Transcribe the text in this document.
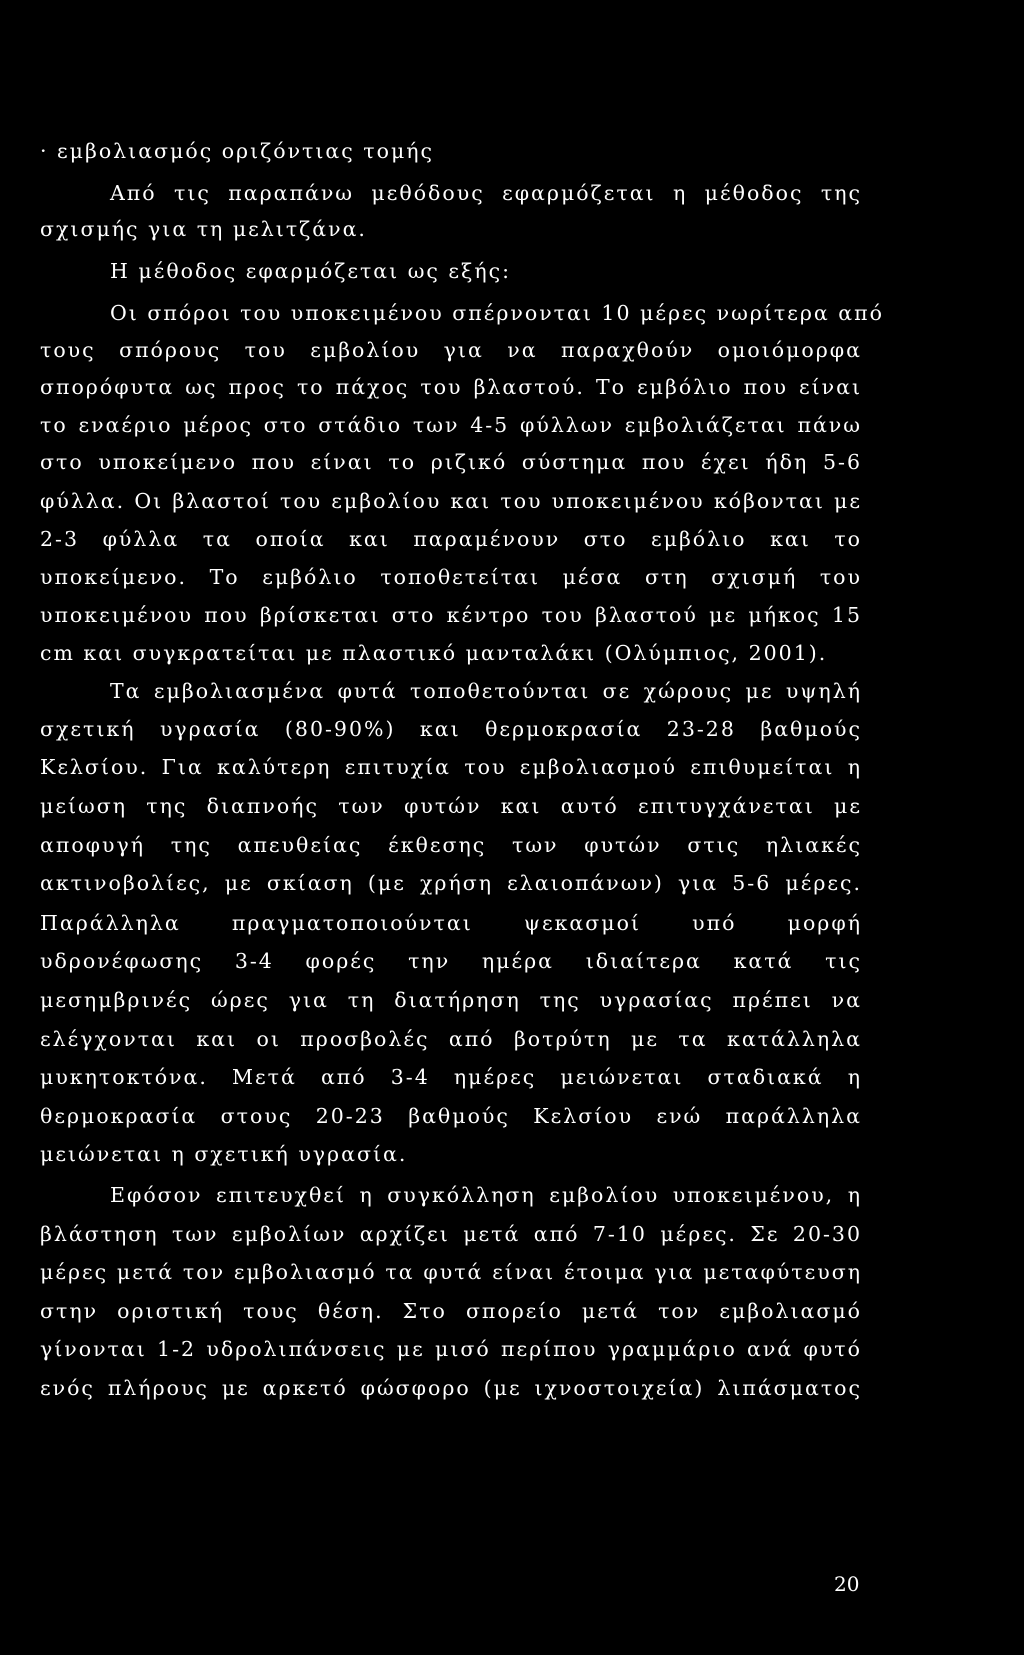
· εμβολιασμός οριζόντιας τομής
Από τις παραπάνω μεθόδους εφαρμόζεται η μέθοδος της
σχισμής για τη μελιτζάνα.
Η μέθοδος εφαρμόζεται ως εξής:
Οι σπόροι του υποκειμένου σπέρνονται 10 μέρες νωρίτερα από
τους σπόρους του εμβολίου για να παραχθούν ομοιόμορφα
σπορόφυτα ως προς το πάχος του βλαστού. Το εμβόλιο που είναι
το εναέριο μέρος στο στάδιο των 4-5 φύλλων εμβολιάζεται πάνω
στο υποκείμενο που είναι το ριζικό σύστημα που έχει ήδη 5-6
φύλλα. Οι βλαστοί του εμβολίου και του υποκειμένου κόβονται με
2-3 φύλλα τα οποία και παραμένουν στο εμβόλιο και το
υποκείμενο. Το εμβόλιο τοποθετείται μέσα στη σχισμή του
υποκειμένου που βρίσκεται στο κέντρο του βλαστού με μήκος 15
cm και συγκρατείται με πλαστικό μανταλάκι (Ολύμπιος, 2001).
Τα εμβολιασμένα φυτά τοποθετούνται σε χώρους με υψηλή
σχετική υγρασία (80-90%) και θερμοκρασία 23-28 βαθμούς
Κελσίου. Για καλύτερη επιτυχία του εμβολιασμού επιθυμείται η
μείωση της διαπνοής των φυτών και αυτό επιτυγχάνεται με
αποφυγή της απευθείας έκθεσης των φυτών στις ηλιακές
ακτινοβολίες, με σκίαση (με χρήση ελαιοπάνων) για 5-6 μέρες.
Παράλληλα πραγματοποιούνται ψεκασμοί υπό μορφή
υδρονέφωσης 3-4 φορές την ημέρα ιδιαίτερα κατά τις
μεσημβρινές ώρες για τη διατήρηση της υγρασίας πρέπει να
ελέγχονται και οι προσβολές από βοτρύτη με τα κατάλληλα
μυκητοκτόνα. Μετά από 3-4 ημέρες μειώνεται σταδιακά η
θερμοκρασία στους 20-23 βαθμούς Κελσίου ενώ παράλληλα
μειώνεται η σχετική υγρασία.
Εφόσον επιτευχθεί η συγκόλληση εμβολίου υποκειμένου, η
βλάστηση των εμβολίων αρχίζει μετά από 7-10 μέρες. Σε 20-30
μέρες μετά τον εμβολιασμό τα φυτά είναι έτοιμα για μεταφύτευση
στην οριστική τους θέση. Στο σπορείο μετά τον εμβολιασμό
γίνονται 1-2 υδρολιπάνσεις με μισό περίπου γραμμάριο ανά φυτό
ενός πλήρους με αρκετό φώσφορο (με ιχνοστοιχεία) λιπάσματος
20
